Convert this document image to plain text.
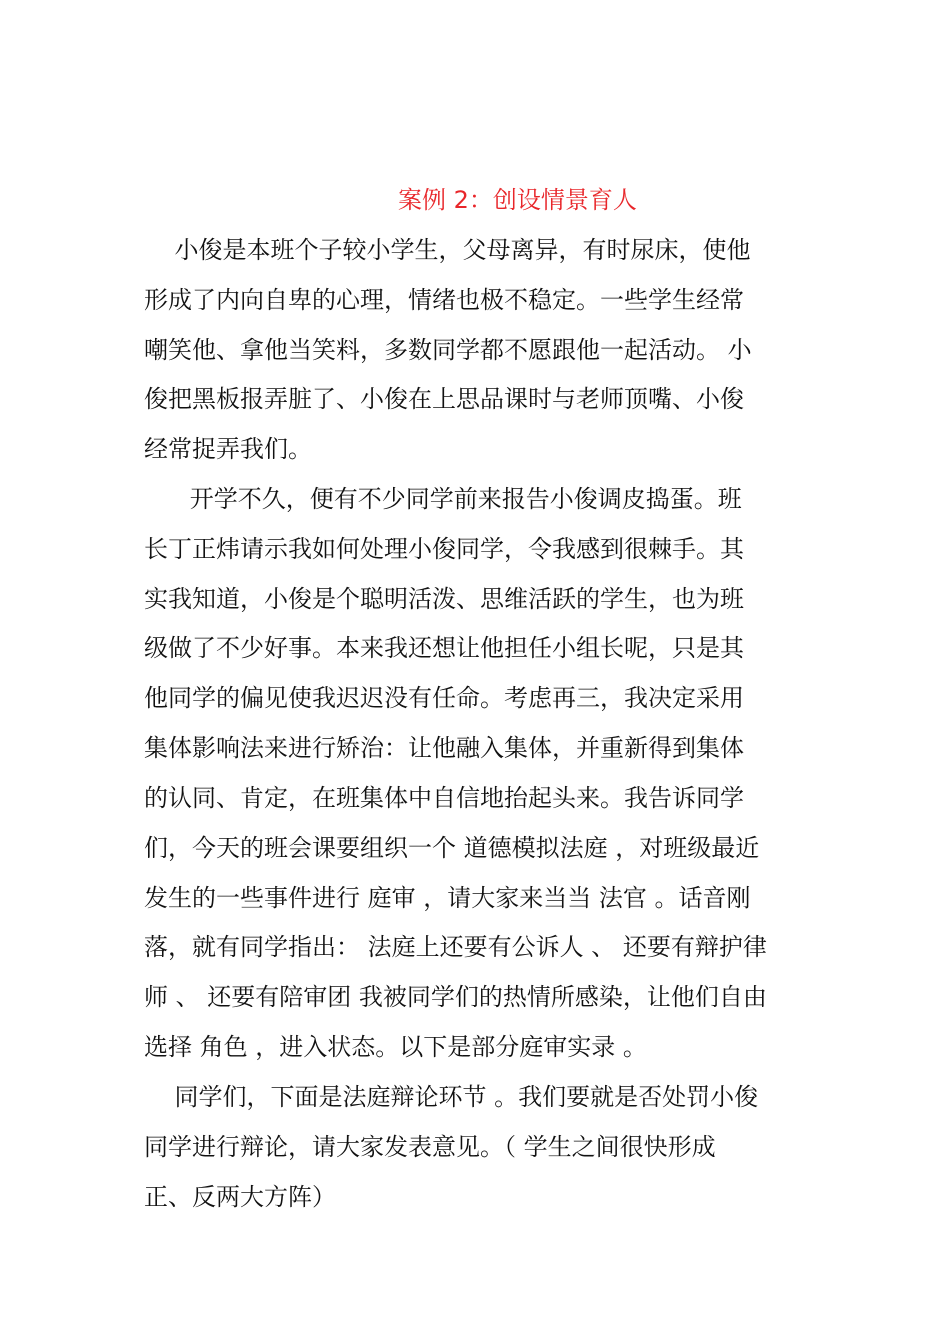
案例 2：创设情景育人
小俊是本班个子较小学生，父母离异，有时尿床，使他
形成了内向自卑的心理，情绪也极不稳定。一些学生经常
嘲笑他、拿他当笑料，多数同学都不愿跟他一起活动。 小
俊把黑板报弄脏了、小俊在上思品课时与老师顶嘴、小俊
经常捉弄我们。
开学不久，便有不少同学前来报告小俊调皮捣蛋。班
长丁正炜请示我如何处理小俊同学，令我感到很棘手。其
实我知道，小俊是个聪明活泼、思维活跃的学生，也为班
级做了不少好事。本来我还想让他担任小组长呢，只是其
他同学的偏见使我迟迟没有任命。考虑再三，我决定采用
集体影响法来进行矫治：让他融入集体，并重新得到集体
的认同、肯定，在班集体中自信地抬起头来。我告诉同学
们，今天的班会课要组织一个 道德模拟法庭 ，对班级最近
发生的一些事件进行 庭审 ，请大家来当当 法官 。话音刚
落，就有同学指出： 法庭上还要有公诉人 、 还要有辩护律
师 、 还要有陪审团 我被同学们的热情所感染，让他们自由
选择 角色 ，进入状态。以下是部分庭审实录 。
同学们，下面是法庭辩论环节 。我们要就是否处罚小俊
同学进行辩论，请大家发表意见。（ 学生之间很快形成
正、反两大方阵）
